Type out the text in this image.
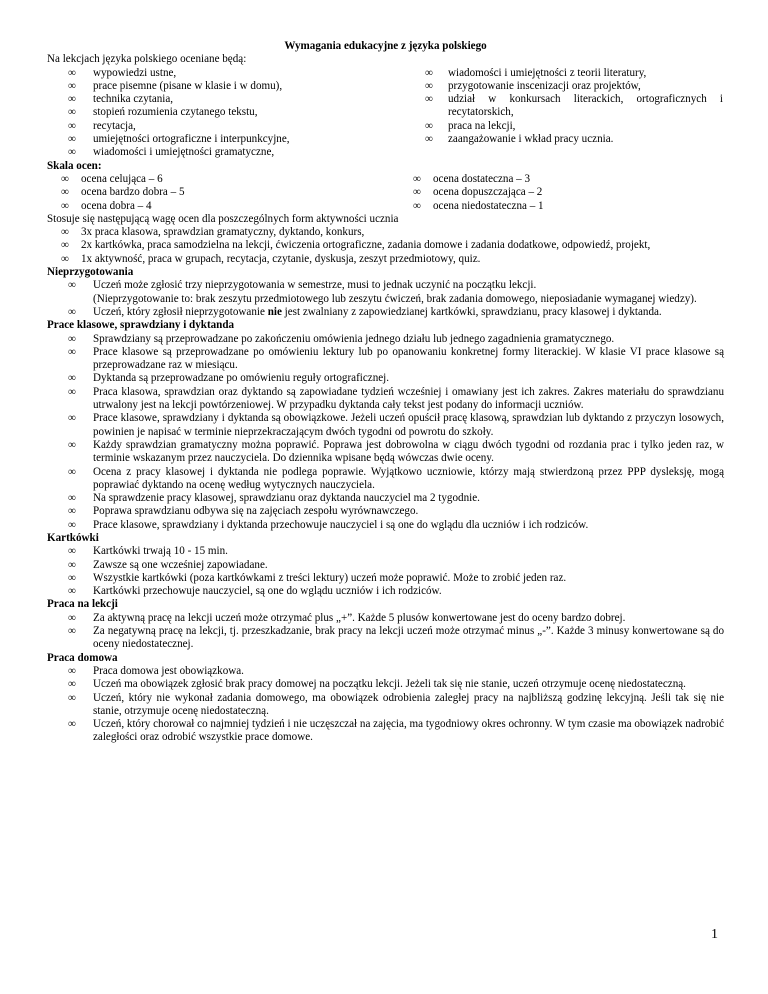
Wymagania edukacyjne z języka polskiego
Na lekcjach języka polskiego oceniane będą:
∞ wypowiedzi ustne,
∞ prace pisemne (pisane w klasie i w domu),
∞ technika czytania,
∞ stopień rozumienia czytanego tekstu,
∞ recytacja,
∞ umiejętności ortograficzne i interpunkcyjne,
∞ wiadomości i umiejętności gramatyczne,
∞ wiadomości i umiejętności z teorii literatury,
∞ przygotowanie inscenizacji oraz projektów,
∞ udział w konkursach literackich, ortograficznych i recytatorskich,
∞ praca na lekcji,
∞ zaangażowanie i wkład pracy ucznia.
Skala ocen:
∞ ocena celująca – 6
∞ ocena bardzo dobra – 5
∞ ocena dobra – 4
∞ ocena dostateczna – 3
∞ ocena dopuszczająca – 2
∞ ocena niedostateczna – 1
Stosuje się następującą wagę ocen dla poszczególnych form aktywności ucznia
∞ 3x praca klasowa, sprawdzian gramatyczny, dyktando, konkurs,
∞ 2x kartkówka, praca samodzielna na lekcji, ćwiczenia ortograficzne, zadania domowe i zadania dodatkowe, odpowiedź, projekt,
∞ 1x aktywność, praca w grupach, recytacja, czytanie, dyskusja, zeszyt przedmiotowy, quiz.
Nieprzygotowania
∞ Uczeń może zgłosić trzy nieprzygotowania w semestrze, musi to jednak uczynić na początku lekcji.
(Nieprzygotowanie to: brak zeszytu przedmiotowego lub zeszytu ćwiczeń, brak zadania domowego, nieposiadanie wymaganej wiedzy).
∞ Uczeń, który zgłosił nieprzygotowanie nie jest zwalniany z zapowiedzianej kartkówki, sprawdzianu, pracy klasowej i dyktanda.
Prace klasowe, sprawdziany i dyktanda
∞ Sprawdziany są przeprowadzane po zakończeniu omówienia jednego działu lub jednego zagadnienia gramatycznego.
∞ Prace klasowe są przeprowadzane po omówieniu lektury lub po opanowaniu konkretnej formy literackiej. W klasie VI prace klasowe są przeprowadzane raz w miesiącu.
∞ Dyktanda są przeprowadzane po omówieniu reguły ortograficznej.
∞ Praca klasowa, sprawdzian oraz dyktando są zapowiadane tydzień wcześniej i omawiany jest ich zakres. Zakres materiału do sprawdzianu utrwalony jest na lekcji powtórzeniowej. W przypadku dyktanda cały tekst jest podany do informacji uczniów.
∞ Prace klasowe, sprawdziany i dyktanda są obowiązkowe. Jeżeli uczeń opuścił pracę klasową, sprawdzian lub dyktando z przyczyn losowych, powinien je napisać w terminie nieprzekraczającym dwóch tygodni od powrotu do szkoły.
∞ Każdy sprawdzian gramatyczny można poprawić. Poprawa jest dobrowolna w ciągu dwóch tygodni od rozdania prac i tylko jeden raz, w terminie wskazanym przez nauczyciela. Do dziennika wpisane będą wówczas dwie oceny.
∞ Ocena z pracy klasowej i dyktanda nie podlega poprawie. Wyjątkowo uczniowie, którzy mają stwierdzoną przez PPP dysleksję, mogą poprawiać dyktando na ocenę według wytycznych nauczyciela.
∞ Na sprawdzenie pracy klasowej, sprawdzianu oraz dyktanda nauczyciel ma 2 tygodnie.
∞ Poprawa sprawdzianu odbywa się na zajęciach zespołu wyrównawczego.
∞ Prace klasowe, sprawdziany i dyktanda przechowuje nauczyciel i są one do wglądu dla uczniów i ich rodziców.
Kartkówki
∞ Kartkówki trwają 10 - 15 min.
∞ Zawsze są one wcześniej zapowiadane.
∞ Wszystkie kartkówki (poza kartkówkami z treści lektury) uczeń może poprawić. Może to zrobić jeden raz.
∞ Kartkówki przechowuje nauczyciel, są one do wglądu uczniów i ich rodziców.
Praca na lekcji
∞ Za aktywną pracę na lekcji uczeń może otrzymać plus „+”. Każde 5 plusów konwertowane jest do oceny bardzo dobrej.
∞ Za negatywną pracę na lekcji, tj. przeszkadzanie, brak pracy na lekcji uczeń może otrzymać minus „-”. Każde 3 minusy konwertowane są do oceny niedostatecznej.
Praca domowa
∞ Praca domowa jest obowiązkowa.
∞ Uczeń ma obowiązek zgłosić brak pracy domowej na początku lekcji. Jeżeli tak się nie stanie, uczeń otrzymuje ocenę niedostateczną.
∞ Uczeń, który nie wykonał zadania domowego, ma obowiązek odrobienia zaległej pracy na najbliższą godzinę lekcyjną. Jeśli tak się nie stanie, otrzymuje ocenę niedostateczną.
∞ Uczeń, który chorował co najmniej tydzień i nie uczęszczał na zajęcia, ma tygodniowy okres ochronny. W tym czasie ma obowiązek nadrobić zaległości oraz odrobić wszystkie prace domowe.
1
